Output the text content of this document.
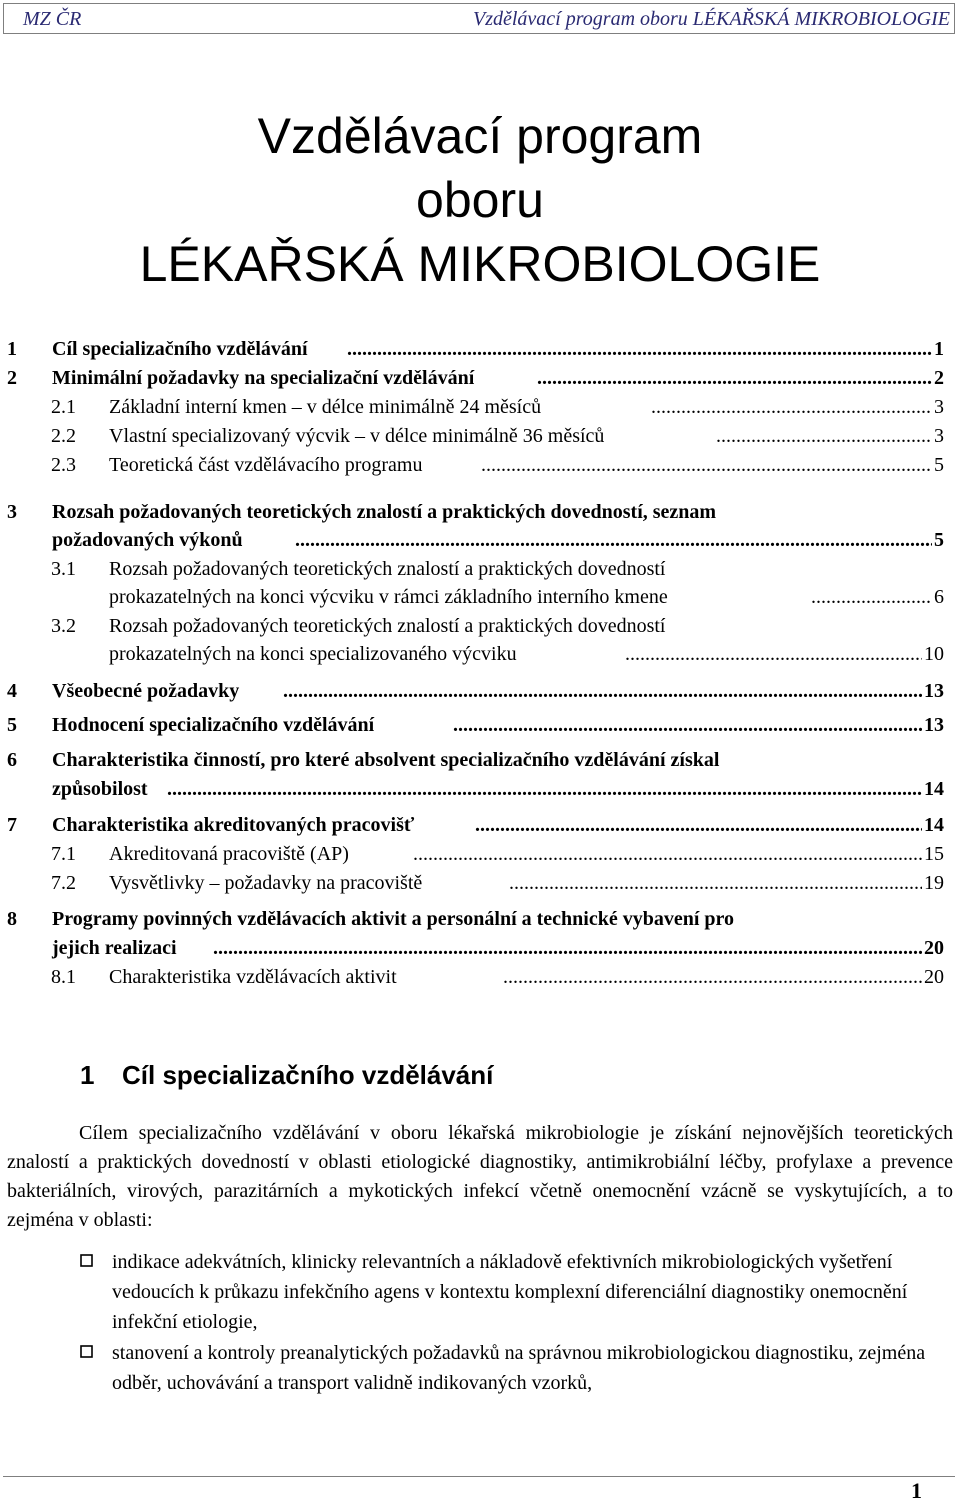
MZ ČR	Vzdělávací program oboru LÉKAŘSKÁ MIKROBIOLOGIE
Vzdělávací program
oboru
LÉKAŘSKÁ MIKROBIOLOGIE
1 Cíl specializačního vzdělávání .....	1
2 Minimální požadavky na specializační vzdělávání .....	2
2.1 Základní interní kmen – v délce minimálně 24 měsíců .....	3
2.2 Vlastní specializovaný výcvik – v délce minimálně 36 měsíců .....	3
2.3 Teoretická část vzdělávacího programu .....	5
3 Rozsah požadovaných teoretických znalostí a praktických dovedností, seznam
požadovaných výkonů .....	5
3.1 Rozsah požadovaných teoretických znalostí a praktických dovedností
prokazatelných na konci výcviku v rámci základního interního kmene .....	6
3.2 Rozsah požadovaných teoretických znalostí a praktických dovedností
prokazatelných na konci specializovaného výcviku .....	10
4 Všeobecné požadavky .....	13
5 Hodnocení specializačního vzdělávání .....	13
6 Charakteristika činností, pro které absolvent specializačního vzdělávání získal
způsobilost .....	14
7 Charakteristika akreditovaných pracovišť .....	14
7.1 Akreditovaná pracoviště (AP) .....	15
7.2 Vysvětlivky – požadavky na pracoviště .....	19
8 Programy povinných vzdělávacích aktivit a personální a technické vybavení pro
jejich realizaci .....	20
8.1 Charakteristika vzdělávacích aktivit .....	20
1 Cíl specializačního vzdělávání

Cílem specializačního vzdělávání v oboru lékařská mikrobiologie je získání nejnovějších teoretických znalostí a praktických dovedností v oblasti etiologické diagnostiky, antimikrobiální léčby, profylaxe a prevence bakteriálních, virových, parazitárních a mykotických infekcí včetně onemocnění vzácně se vyskytujících, a to zejména v oblasti:

indikace adekvátních, klinicky relevantních a nákladově efektivních mikrobiologických vyšetření vedoucích k průkazu infekčního agens v kontextu komplexní diferenciální diagnostiky onemocnění infekční etiologie,

stanovení a kontroly preanalytických požadavků na správnou mikrobiologickou diagnostiku, zejména odběr, uchovávání a transport validně indikovaných vzorků,

1
